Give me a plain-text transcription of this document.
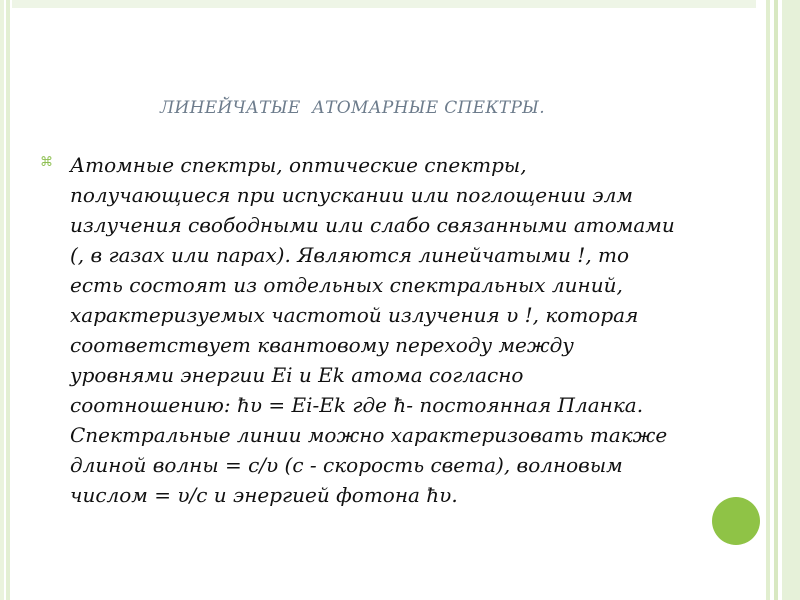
ЛИНЕЙЧАТЫЕ  АТОМАРНЫЕ СПЕКТРЫ.
⌘ Атомные спектры, оптические спектры, получающиеся при испускании или поглощении элм излучения свободными или слабо связанными атомами (, в газах или парах). Являются линейчатыми !, то есть состоят из отдельных спектральных линий, характеризуемых частотой излучения υ !, которая соответствует квантовому переходу между уровнями энергии Ei и Ek атома согласно соотношению: ħυ = Ei-Ek где ħ- постоянная Планка. Спектральные линии можно характеризовать также длиной волны = c/υ (c - скорость света), волновым числом = υ/c и энергией фотона ħυ.
